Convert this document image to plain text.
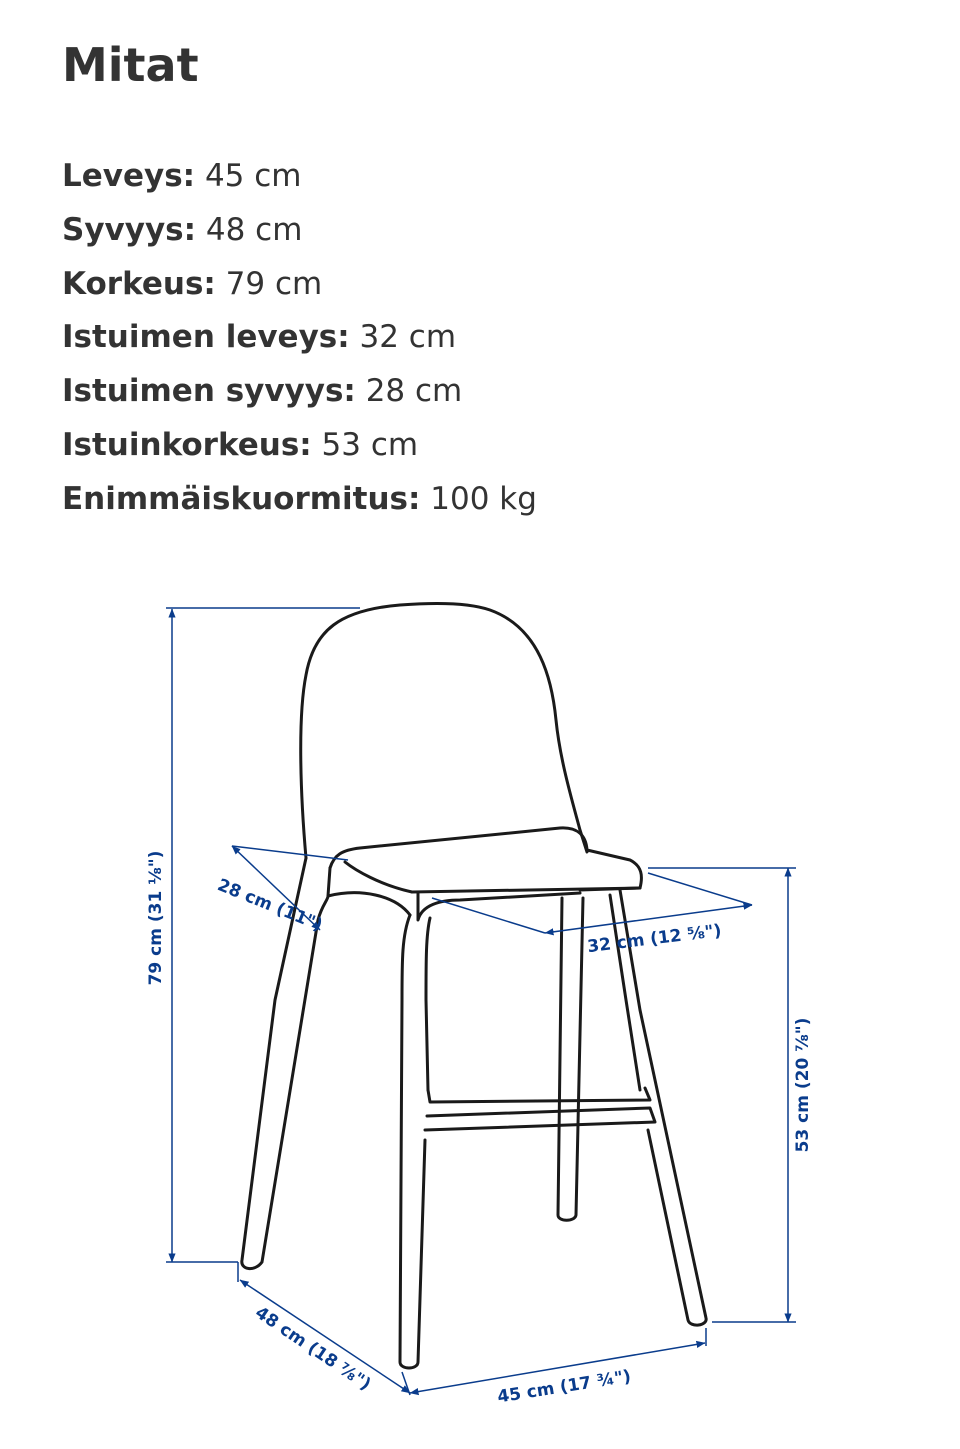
Mitat
Leveys: 45 cm
Syvyys: 48 cm
Korkeus: 79 cm
Istuimen leveys: 32 cm
Istuimen syvyys: 28 cm
Istuinkorkeus: 53 cm
Enimmäiskuormitus: 100 kg
79 cm (31 ⅛")	28 cm (11")
32 cm (12 ⅝")
53 cm (20 ⅞")
48 cm (18 ⅞")	45 cm (17 ¾")
